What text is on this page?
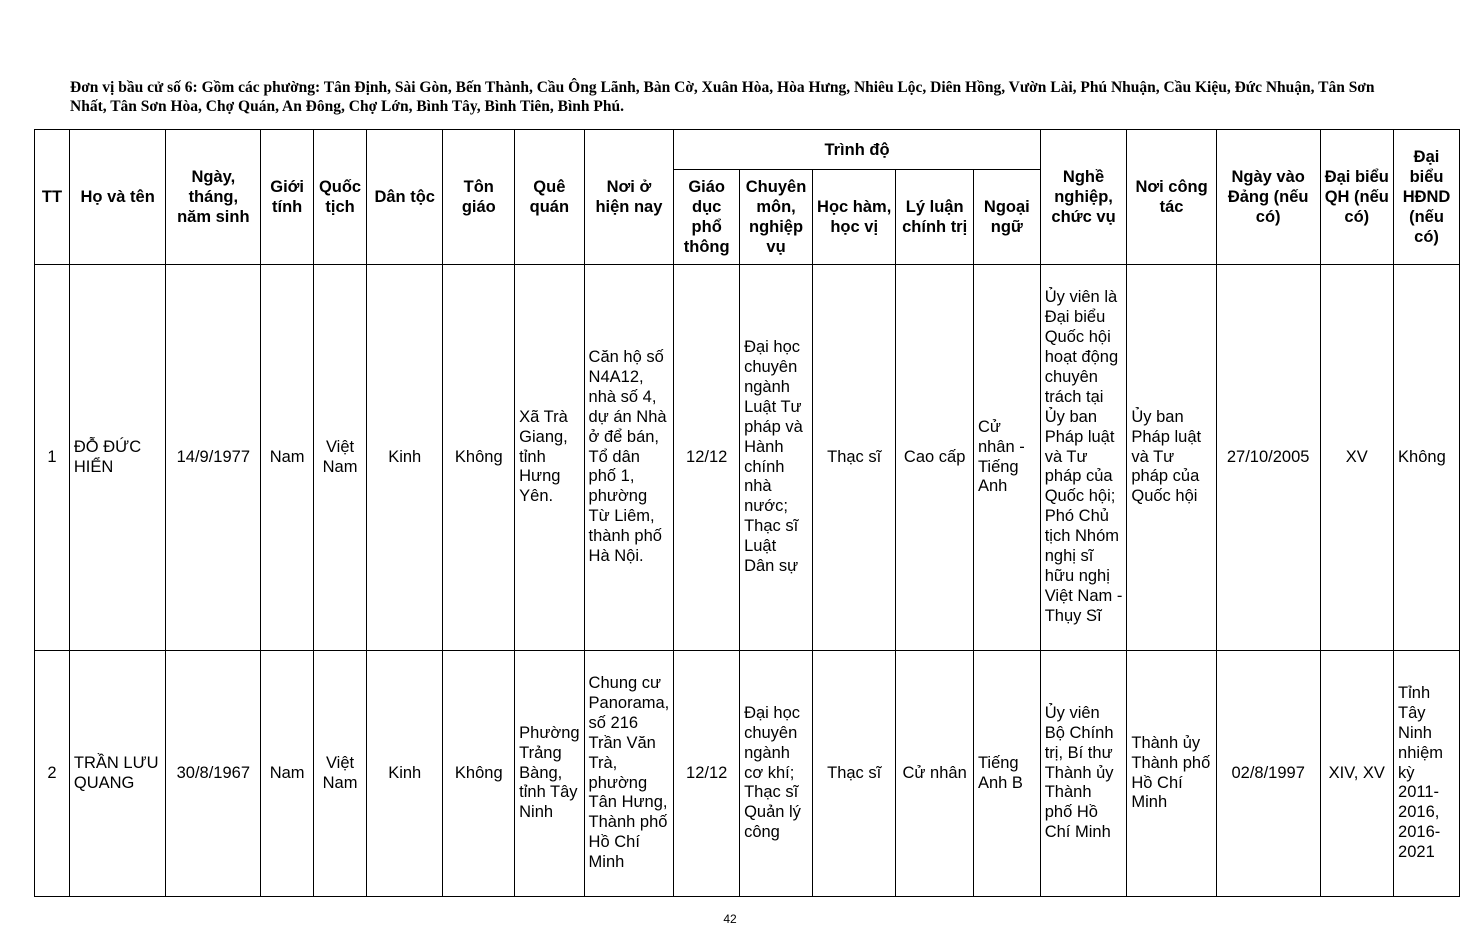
Đơn vị bầu cử số 6: Gồm các phường: Tân Định, Sài Gòn, Bến Thành, Cầu Ông Lãnh, Bàn Cờ, Xuân Hòa, Hòa Hưng, Nhiêu Lộc, Diên Hồng, Vườn Lài, Phú Nhuận, Cầu Kiệu, Đức Nhuận, Tân Sơn Nhất, Tân Sơn Hòa, Chợ Quán, An Đông, Chợ Lớn, Bình Tây, Bình Tiên, Bình Phú.
TT	Họ và tên	Ngày, tháng, năm sinh	Giới tính	Quốc tịch	Dân tộc	Tôn giáo	Quê quán	Nơi ở hiện nay	Trình độ					Nghề nghiệp, chức vụ	Nơi công tác	Ngày vào Đảng (nếu có)	Đại biểu QH (nếu có)	Đại biểu HĐND (nếu có)
									Giáo dục phổ thông	Chuyên môn, nghiệp vụ	Học hàm, học vị	Lý luận chính trị	Ngoại ngữ					
1	ĐỖ ĐỨC HIỂN	14/9/1977	Nam	Việt Nam	Kinh	Không	Xã Trà Giang, tỉnh Hưng Yên.	Căn hộ số N4A12, nhà số 4, dự án Nhà ở để bán, Tổ dân phố 1, phường Từ Liêm, thành phố Hà Nội.	12/12	Đại học chuyên ngành Luật Tư pháp và Hành chính nhà nước; Thạc sĩ Luật Dân sự	Thạc sĩ	Cao cấp	Cử nhân - Tiếng Anh	Ủy viên là Đại biểu Quốc hội hoạt động chuyên trách tại Ủy ban Pháp luật và Tư pháp của Quốc hội; Phó Chủ tịch Nhóm nghị sĩ hữu nghị Việt Nam - Thụy Sĩ	Ủy ban Pháp luật và Tư pháp của Quốc hội	27/10/2005	XV	Không
2	TRẦN LƯU QUANG	30/8/1967	Nam	Việt Nam	Kinh	Không	Phường Trảng Bàng, tỉnh Tây Ninh	Chung cư Panorama, số 216 Trần Văn Trà, phường Tân Hưng, Thành phố Hồ Chí Minh	12/12	Đại học chuyên ngành cơ khí; Thạc sĩ Quản lý công	Thạc sĩ	Cử nhân	Tiếng Anh B	Ủy viên Bộ Chính trị, Bí thư Thành ủy Thành phố Hồ Chí Minh	Thành ủy Thành phố Hồ Chí Minh	02/8/1997	XIV, XV	Tỉnh Tây Ninh nhiệm kỳ 2011-2016, 2016-2021
42
